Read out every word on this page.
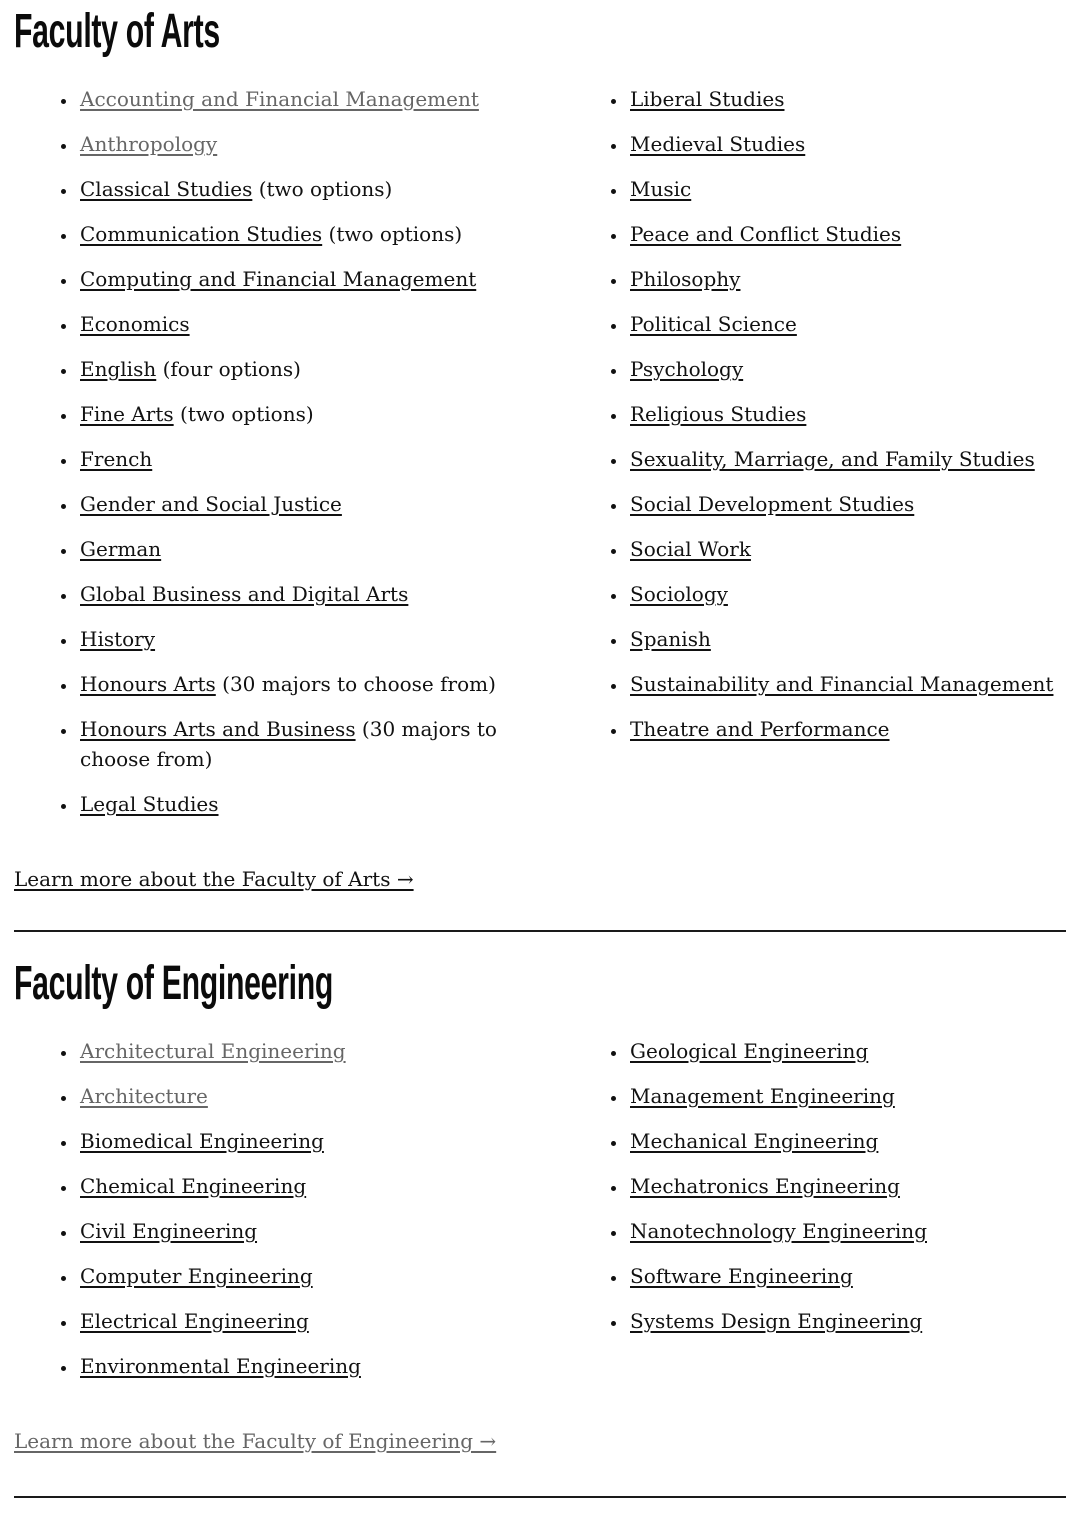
Faculty of Arts
• Accounting and Financial Management
• Anthropology
• Classical Studies (two options)
• Communication Studies (two options)
• Computing and Financial Management
• Economics
• English (four options)
• Fine Arts (two options)
• French
• Gender and Social Justice
• German
• Global Business and Digital Arts
• History
• Honours Arts (30 majors to choose from)
• Honours Arts and Business (30 majors to choose from)
• Legal Studies
• Liberal Studies
• Medieval Studies
• Music
• Peace and Conflict Studies
• Philosophy
• Political Science
• Psychology
• Religious Studies
• Sexuality, Marriage, and Family Studies
• Social Development Studies
• Social Work
• Sociology
• Spanish
• Sustainability and Financial Management
• Theatre and Performance
Learn more about the Faculty of Arts →
Faculty of Engineering
• Architectural Engineering
• Architecture
• Biomedical Engineering
• Chemical Engineering
• Civil Engineering
• Computer Engineering
• Electrical Engineering
• Environmental Engineering
• Geological Engineering
• Management Engineering
• Mechanical Engineering
• Mechatronics Engineering
• Nanotechnology Engineering
• Software Engineering
• Systems Design Engineering
Learn more about the Faculty of Engineering →
